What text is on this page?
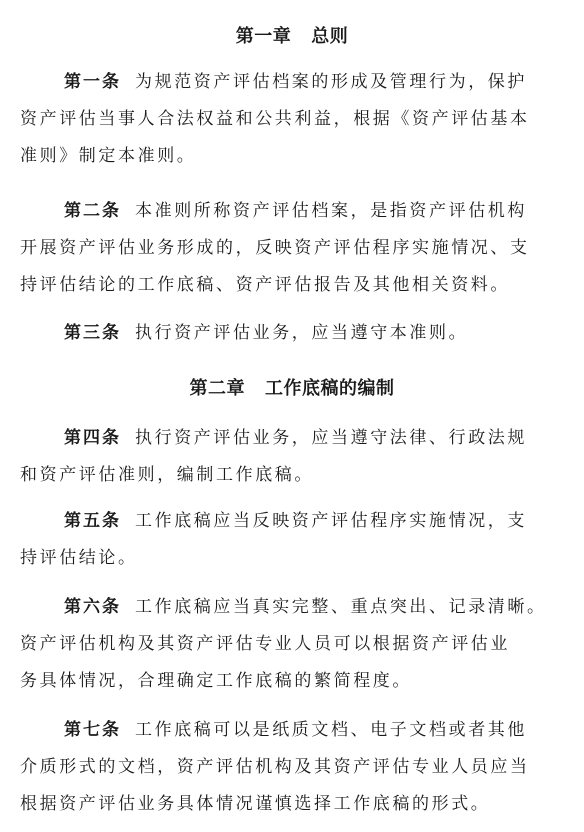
第一章 总则
第一条 为规范资产评估档案的形成及管理行为，保护
资产评估当事人合法权益和公共利益，根据《资产评估基本
准则》制定本准则。
第二条 本准则所称资产评估档案，是指资产评估机构
开展资产评估业务形成的，反映资产评估程序实施情况、支
持评估结论的工作底稿、资产评估报告及其他相关资料。
第三条 执行资产评估业务，应当遵守本准则。
第二章 工作底稿的编制
第四条 执行资产评估业务，应当遵守法律、行政法规
和资产评估准则，编制工作底稿。
第五条 工作底稿应当反映资产评估程序实施情况，支
持评估结论。
第六条 工作底稿应当真实完整、重点突出、记录清晰。
资产评估机构及其资产评估专业人员可以根据资产评估业
务具体情况，合理确定工作底稿的繁简程度。
第七条 工作底稿可以是纸质文档、电子文档或者其他
介质形式的文档，资产评估机构及其资产评估专业人员应当
根据资产评估业务具体情况谨慎选择工作底稿的形式。
